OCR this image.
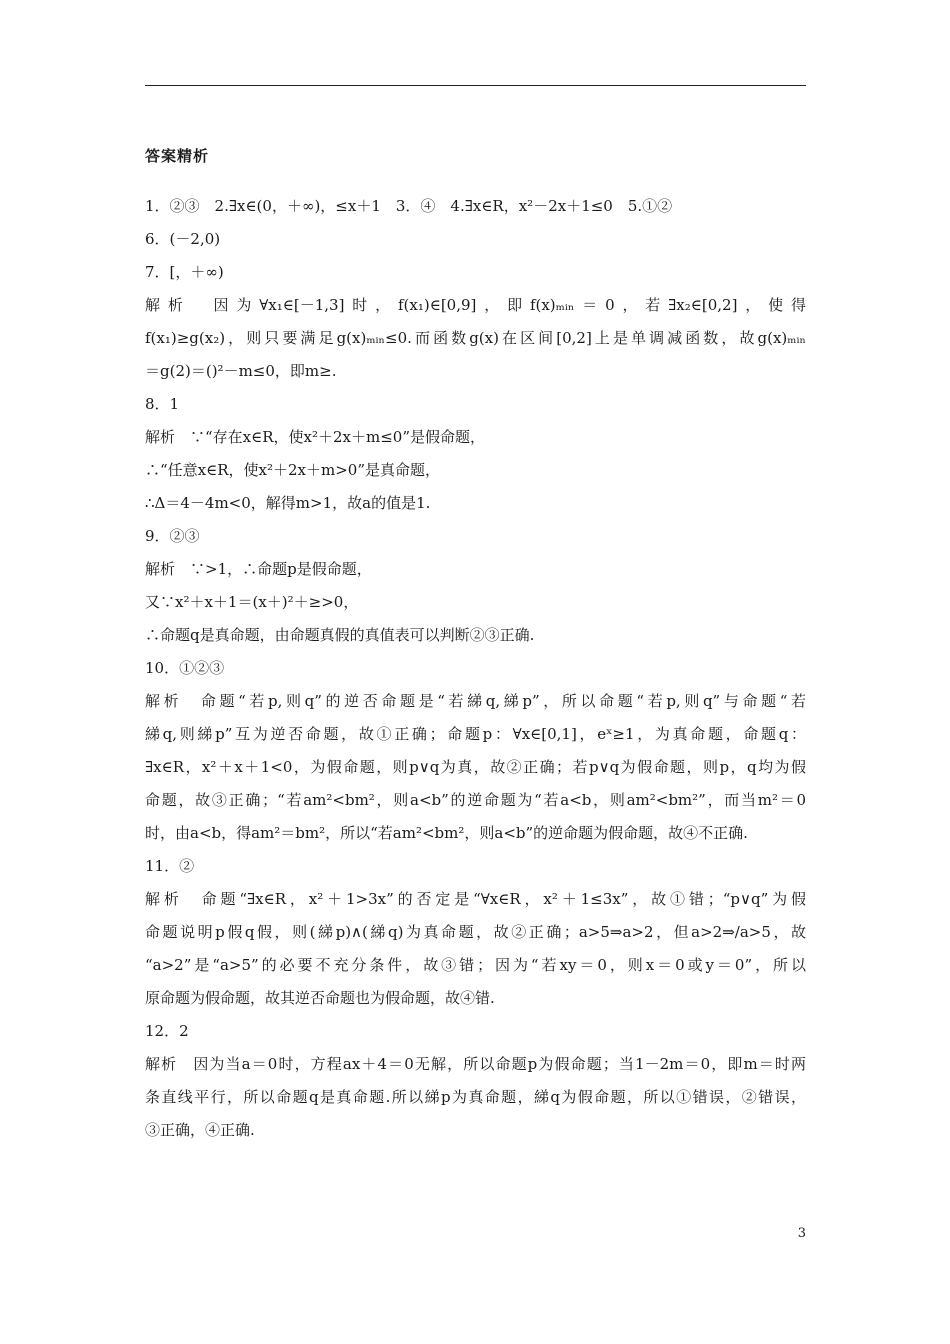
答案精析
1．②③　2.∃x∈(0，＋∞)，≤x＋1　3．④　4.∃x∈R，x²－2x＋1≤0　5.①②
6．(－2,0)
7．[，＋∞)
解析　因为∀x₁∈[－1,3]时，f(x₁)∈[0,9]，即f(x)ₘᵢₙ＝0，若∃x₂∈[0,2]，使得
f(x₁)≥g(x₂)，则只要满足g(x)ₘᵢₙ≤0.而函数g(x)在区间[0,2]上是单调减函数，故g(x)ₘᵢₙ
＝g(2)＝()²－m≤0，即m≥.
8．1
解析　∵“存在x∈R，使x²＋2x＋m≤0”是假命题，
∴“任意x∈R，使x²＋2x＋m>0”是真命题，
∴Δ＝4－4m<0，解得m>1，故a的值是1.
9．②③
解析　∵>1，∴命题p是假命题，
又∵x²＋x＋1＝(x＋)²＋≥>0，
∴命题q是真命题，由命题真假的真值表可以判断②③正确.
10．①②③
解析　命题“若p,则q”的逆否命题是“若綈q,綈p”，所以命题“若p,则q”与命题“若
綈q,则綈p”互为逆否命题，故①正确；命题p：∀x∈[0,1]，eˣ≥1，为真命题，命题q：
∃x∈R，x²＋x＋1<0，为假命题，则p∨q为真，故②正确；若p∨q为假命题，则p，q均为假
命题，故③正确；“若am²<bm²，则a<b”的逆命题为“若a<b，则am²<bm²”，而当m²＝0
时，由a<b，得am²＝bm²，所以“若am²<bm²，则a<b”的逆命题为假命题，故④不正确.
11．②
解析　命题“∃x∈R，x²＋1>3x”的否定是“∀x∈R，x²＋1≤3x”，故①错；“p∨q”为假
命题说明p假q假，则(綈p)∧(綈q)为真命题，故②正确；a>5⇒a>2，但a>2⇒/a>5，故
“a>2”是“a>5”的必要不充分条件，故③错；因为“若xy＝0，则x＝0或y＝0”，所以
原命题为假命题，故其逆否命题也为假命题，故④错.
12．2
解析　因为当a＝0时，方程ax＋4＝0无解，所以命题p为假命题；当1－2m＝0，即m＝时两
条直线平行，所以命题q是真命题.所以綈p为真命题，綈q为假命题，所以①错误，②错误，
③正确，④正确.
3
